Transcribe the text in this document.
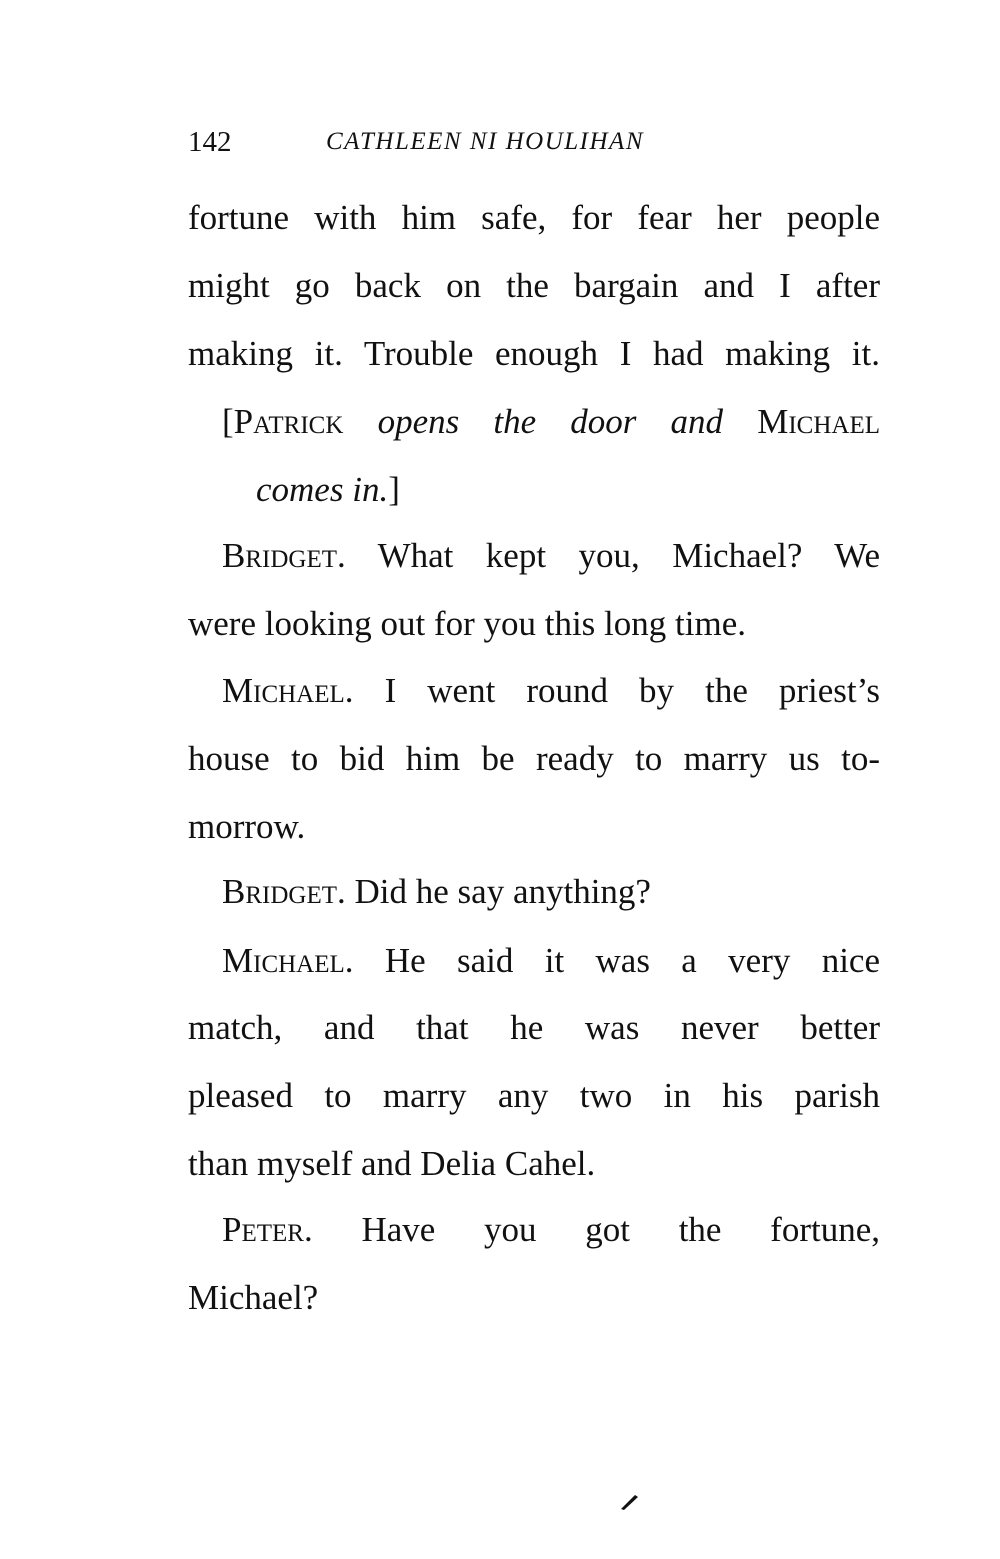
142	CATHLEEN NI HOULIHAN
fortune with him safe, for fear her people
might go back on the bargain and I after
making it. Trouble enough I had making it.
[Patrick opens the door and Michael
comes in.]
Bridget. What kept you, Michael? We
were looking out for you this long time.
Michael. I went round by the priest’s
house to bid him be ready to marry us to-
morrow.
Bridget. Did he say anything?
Michael. He said it was a very nice
match, and that he was never better
pleased to marry any two in his parish
than myself and Delia Cahel.
Peter. Have you got the fortune,
Michael?
